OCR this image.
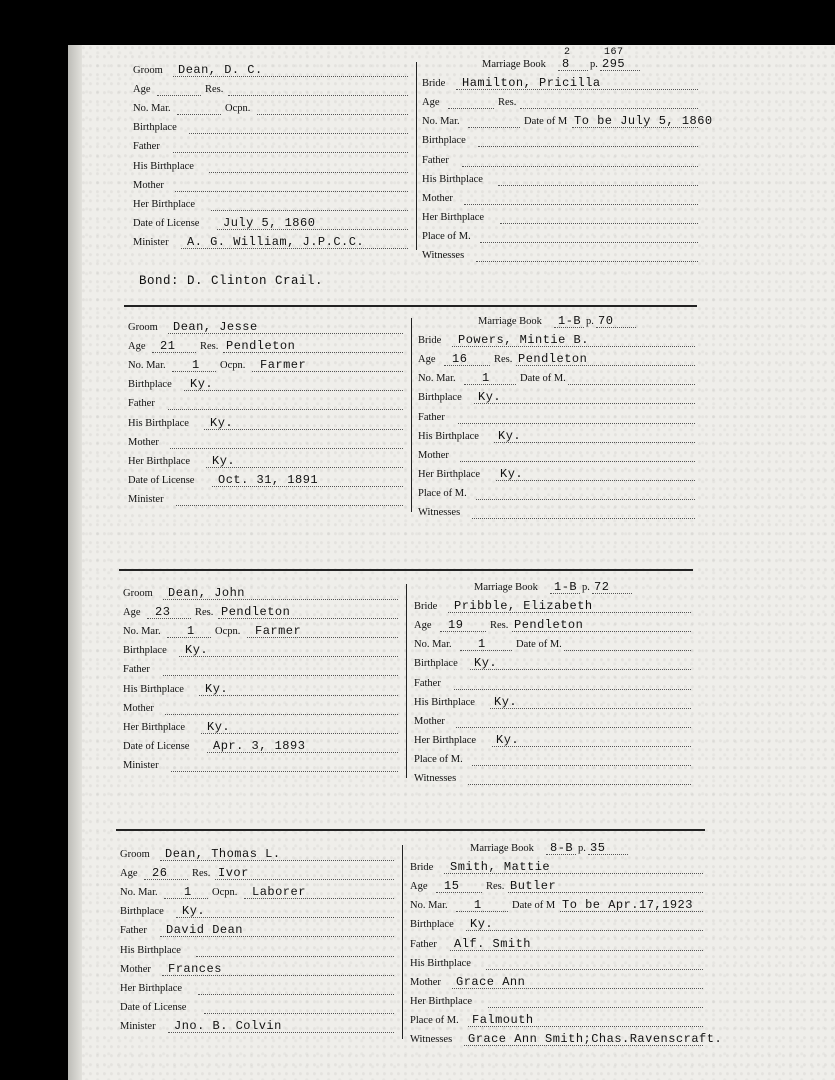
Groom Dean, D. C.
Age	Res.
No. Mar.	Ocpn.
Birthplace
Father
His Birthplace
Mother
Her Birthplace
Date of License July 5, 1860
Minister A. G. William, J.P.C.C.
Marriage Book 8 p. 295
2	167
Bride Hamilton, Pricilla
Age	Res.
No. Mar.	Date of M To be July 5, 1860
Birthplace
Father
His Birthplace
Mother
Her Birthplace
Place of M.
Witnesses
Bond: D. Clinton Crail.
Groom Dean, Jesse
Age 21 Res. Pendleton
No. Mar. 1 Ocpn. Farmer
Birthplace Ky.
Father
His Birthplace Ky.
Mother
Her Birthplace Ky.
Date of License Oct. 31, 1891
Minister
Marriage Book 1-B p. 70
Bride Powers, Mintie B.
Age 16	Res. Pendleton
No. Mar. 1	Date of M.
Birthplace Ky.
Father
His Birthplace Ky.
Mother
Her Birthplace Ky.
Place of M.
Witnesses
Groom Dean, John
Age 23 Res. Pendleton
No. Mar. 1 Ocpn. Farmer
Birthplace Ky.
Father
His Birthplace Ky.
Mother
Her Birthplace Ky.
Date of License Apr. 3, 1893
Minister
Marriage Book 1-B p. 72
Bride Pribble, Elizabeth
Age 19	Res. Pendleton
No. Mar. 1	Date of M.
Birthplace Ky.
Father
His Birthplace Ky.
Mother
Her Birthplace Ky.
Place of M.
Witnesses
Groom Dean, Thomas L.
Age 26 Res. Ivor
No. Mar. 1 Ocpn. Laborer
Birthplace Ky.
Father David Dean
His Birthplace
Mother Frances
Her Birthplace
Date of License
Minister Jno. B. Colvin
Marriage Book 8-B p. 35
Bride Smith, Mattie
Age 15	Res. Butler
No. Mar. 1	Date of M To be Apr.17,1923
Birthplace Ky.
Father Alf. Smith
His Birthplace
Mother Grace Ann
Her Birthplace
Place of M. Falmouth
Witnesses Grace Ann Smith;Chas.Ravenscraft.
